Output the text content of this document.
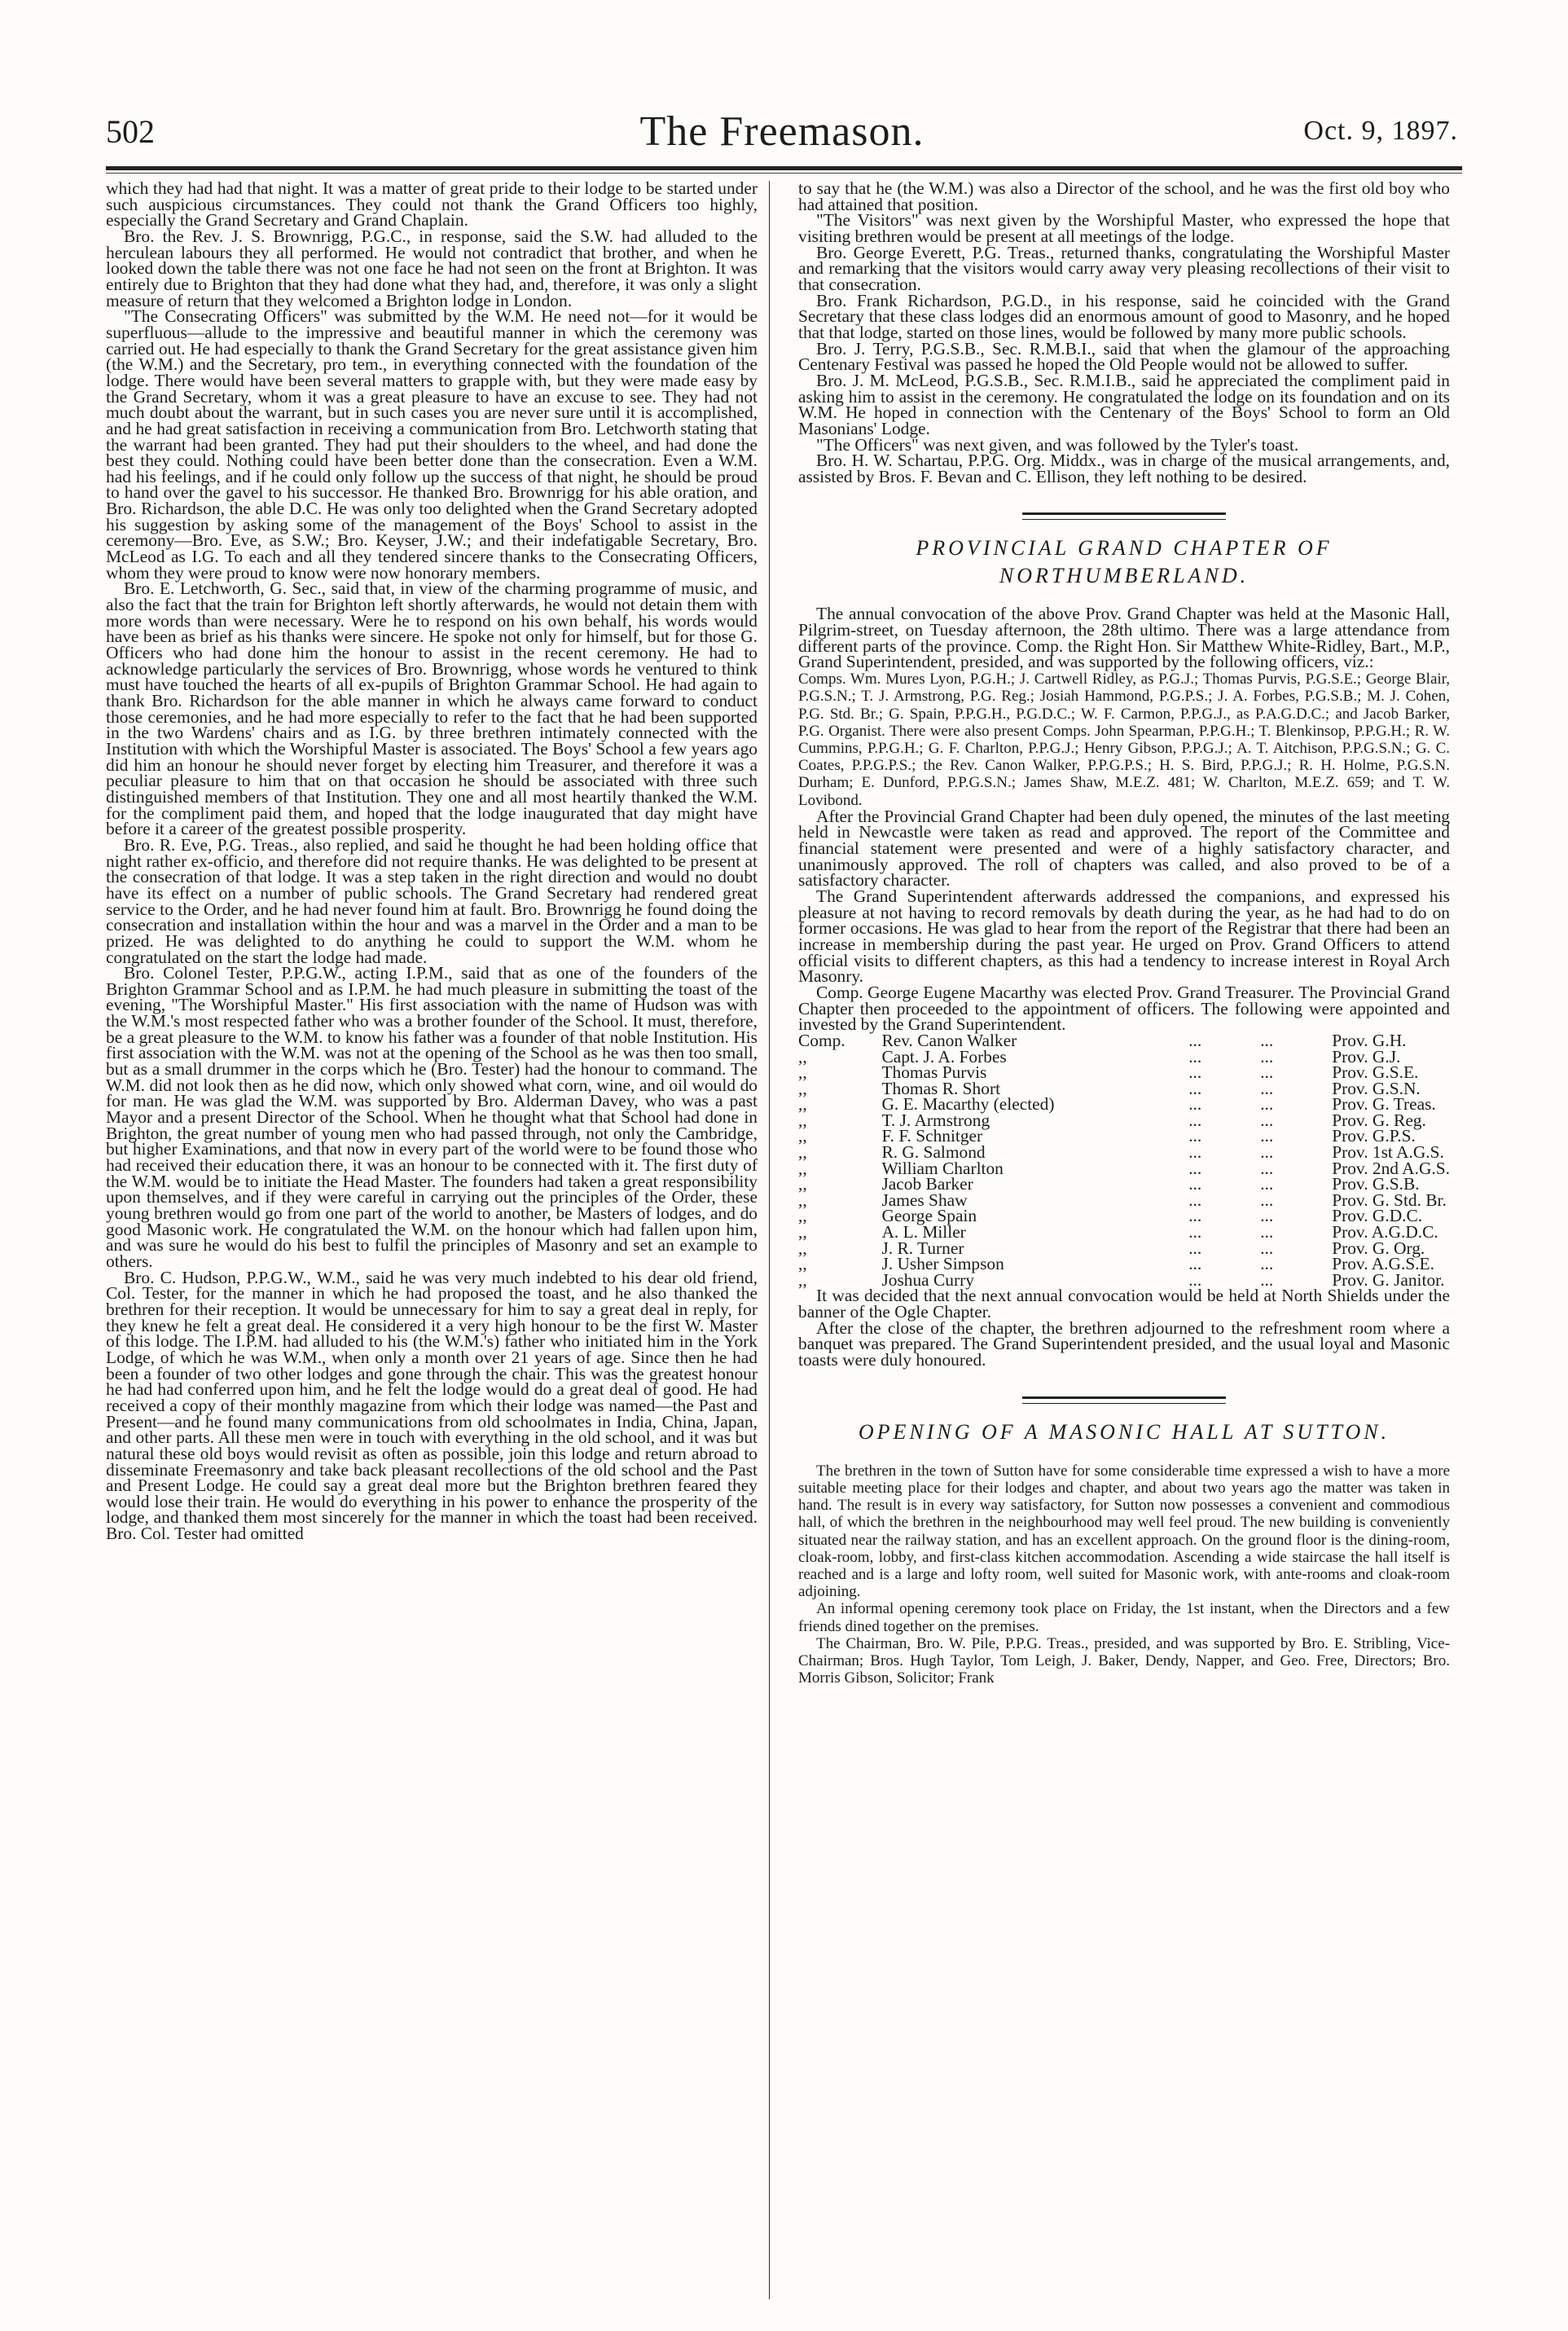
502	The Freemason.	Oct. 9, 1897.

which they had had that night. It was a matter of great pride to their lodge to be started under such auspicious circumstances. They could not thank the Grand Officers too highly, especially the Grand Secretary and Grand Chaplain.

Bro. the Rev. J. S. Brownrigg, P.G.C., in response, said the S.W. had alluded to the herculean labours they all performed. He would not contradict that brother, and when he looked down the table there was not one face he had not seen on the front at Brighton. It was entirely due to Brighton that they had done what they had, and, therefore, it was only a slight measure of return that they welcomed a Brighton lodge in London.

"The Consecrating Officers" was submitted by the W.M. He need not—for it would be superfluous—allude to the impressive and beautiful manner in which the ceremony was carried out. He had especially to thank the Grand Secretary for the great assistance given him (the W.M.) and the Secretary, pro tem., in everything connected with the foundation of the lodge. There would have been several matters to grapple with, but they were made easy by the Grand Secretary, whom it was a great pleasure to have an excuse to see. They had not much doubt about the warrant, but in such cases you are never sure until it is accomplished, and he had great satisfaction in receiving a communication from Bro. Letchworth stating that the warrant had been granted. They had put their shoulders to the wheel, and had done the best they could. Nothing could have been better done than the consecration. Even a W.M. had his feelings, and if he could only follow up the success of that night, he should be proud to hand over the gavel to his successor. He thanked Bro. Brownrigg for his able oration, and Bro. Richardson, the able D.C. He was only too delighted when the Grand Secretary adopted his suggestion by asking some of the management of the Boys' School to assist in the ceremony—Bro. Eve, as S.W.; Bro. Keyser, J.W.; and their indefatigable Secretary, Bro. McLeod as I.G. To each and all they tendered sincere thanks to the Consecrating Officers, whom they were proud to know were now honorary members.

Bro. E. Letchworth, G. Sec., said that, in view of the charming programme of music, and also the fact that the train for Brighton left shortly afterwards, he would not detain them with more words than were necessary. Were he to respond on his own behalf, his words would have been as brief as his thanks were sincere. He spoke not only for himself, but for those G. Officers who had done him the honour to assist in the recent ceremony. He had to acknowledge particularly the services of Bro. Brownrigg, whose words he ventured to think must have touched the hearts of all ex-pupils of Brighton Grammar School. He had again to thank Bro. Richardson for the able manner in which he always came forward to conduct those ceremonies, and he had more especially to refer to the fact that he had been supported in the two Wardens' chairs and as I.G. by three brethren intimately connected with the Institution with which the Worshipful Master is associated. The Boys' School a few years ago did him an honour he should never forget by electing him Treasurer, and therefore it was a peculiar pleasure to him that on that occasion he should be associated with three such distinguished members of that Institution. They one and all most heartily thanked the W.M. for the compliment paid them, and hoped that the lodge inaugurated that day might have before it a career of the greatest possible prosperity.

Bro. R. Eve, P.G. Treas., also replied, and said he thought he had been holding office that night rather ex-officio, and therefore did not require thanks. He was delighted to be present at the consecration of that lodge. It was a step taken in the right direction and would no doubt have its effect on a number of public schools. The Grand Secretary had rendered great service to the Order, and he had never found him at fault. Bro. Brownrigg he found doing the consecration and installation within the hour and was a marvel in the Order and a man to be prized. He was delighted to do anything he could to support the W.M. whom he congratulated on the start the lodge had made.

Bro. Colonel Tester, P.P.G.W., acting I.P.M., said that as one of the founders of the Brighton Grammar School and as I.P.M. he had much pleasure in submitting the toast of the evening, "The Worshipful Master." His first association with the name of Hudson was with the W.M.'s most respected father who was a brother founder of the School. It must, therefore, be a great pleasure to the W.M. to know his father was a founder of that noble Institution. His first association with the W.M. was not at the opening of the School as he was then too small, but as a small drummer in the corps which he (Bro. Tester) had the honour to command. The W.M. did not look then as he did now, which only showed what corn, wine, and oil would do for man. He was glad the W.M. was supported by Bro. Alderman Davey, who was a past Mayor and a present Director of the School. When he thought what that School had done in Brighton, the great number of young men who had passed through, not only the Cambridge, but higher Examinations, and that now in every part of the world were to be found those who had received their education there, it was an honour to be connected with it. The first duty of the W.M. would be to initiate the Head Master. The founders had taken a great responsibility upon themselves, and if they were careful in carrying out the principles of the Order, these young brethren would go from one part of the world to another, be Masters of lodges, and do good Masonic work. He congratulated the W.M. on the honour which had fallen upon him, and was sure he would do his best to fulfil the principles of Masonry and set an example to others.

Bro. C. Hudson, P.P.G.W., W.M., said he was very much indebted to his dear old friend, Col. Tester, for the manner in which he had proposed the toast, and he also thanked the brethren for their reception. It would be unnecessary for him to say a great deal in reply, for they knew he felt a great deal. He considered it a very high honour to be the first W. Master of this lodge. The I.P.M. had alluded to his (the W.M.'s) father who initiated him in the York Lodge, of which he was W.M., when only a month over 21 years of age. Since then he had been a founder of two other lodges and gone through the chair. This was the greatest honour he had had conferred upon him, and he felt the lodge would do a great deal of good. He had received a copy of their monthly magazine from which their lodge was named—the Past and Present—and he found many communications from old schoolmates in India, China, Japan, and other parts. All these men were in touch with everything in the old school, and it was but natural these old boys would revisit as often as possible, join this lodge and return abroad to disseminate Freemasonry and take back pleasant recollections of the old school and the Past and Present Lodge. He could say a great deal more but the Brighton brethren feared they would lose their train. He would do everything in his power to enhance the prosperity of the lodge, and thanked them most sincerely for the manner in which the toast had been received. Bro. Col. Tester had omitted

to say that he (the W.M.) was also a Director of the school, and he was the first old boy who had attained that position.

"The Visitors" was next given by the Worshipful Master, who expressed the hope that visiting brethren would be present at all meetings of the lodge.

Bro. George Everett, P.G. Treas., returned thanks, congratulating the Worshipful Master and remarking that the visitors would carry away very pleasing recollections of their visit to that consecration.

Bro. Frank Richardson, P.G.D., in his response, said he coincided with the Grand Secretary that these class lodges did an enormous amount of good to Masonry, and he hoped that that lodge, started on those lines, would be followed by many more public schools.

Bro. J. Terry, P.G.S.B., Sec. R.M.B.I., said that when the glamour of the approaching Centenary Festival was passed he hoped the Old People would not be allowed to suffer.

Bro. J. M. McLeod, P.G.S.B., Sec. R.M.I.B., said he appreciated the compliment paid in asking him to assist in the ceremony. He congratulated the lodge on its foundation and on its W.M. He hoped in connection with the Centenary of the Boys' School to form an Old Masonians' Lodge.

"The Officers" was next given, and was followed by the Tyler's toast.

Bro. H. W. Schartau, P.P.G. Org. Middx., was in charge of the musical arrangements, and, assisted by Bros. F. Bevan and C. Ellison, they left nothing to be desired.

PROVINCIAL GRAND CHAPTER OF
NORTHUMBERLAND.

The annual convocation of the above Prov. Grand Chapter was held at the Masonic Hall, Pilgrim-street, on Tuesday afternoon, the 28th ultimo. There was a large attendance from different parts of the province. Comp. the Right Hon. Sir Matthew White-Ridley, Bart., M.P., Grand Superintendent, presided, and was supported by the following officers, viz.:

Comps. Wm. Mures Lyon, P.G.H.; J. Cartwell Ridley, as P.G.J.; Thomas Purvis, P.G.S.E.; George Blair, P.G.S.N.; T. J. Armstrong, P.G. Reg.; Josiah Hammond, P.G.P.S.; J. A. Forbes, P.G.S.B.; M. J. Cohen, P.G. Std. Br.; G. Spain, P.P.G.H., P.G.D.C.; W. F. Carmon, P.P.G.J., as P.A.G.D.C.; and Jacob Barker, P.G. Organist. There were also present Comps. John Spearman, P.P.G.H.; T. Blenkinsop, P.P.G.H.; R. W. Cummins, P.P.G.H.; G. F. Charlton, P.P.G.J.; Henry Gibson, P.P.G.J.; A. T. Aitchison, P.P.G.S.N.; G. C. Coates, P.P.G.P.S.; the Rev. Canon Walker, P.P.G.P.S.; H. S. Bird, P.P.G.J.; R. H. Holme, P.G.S.N. Durham; E. Dunford, P.P.G.S.N.; James Shaw, M.E.Z. 481; W. Charlton, M.E.Z. 659; and T. W. Lovibond.

After the Provincial Grand Chapter had been duly opened, the minutes of the last meeting held in Newcastle were taken as read and approved. The report of the Committee and financial statement were presented and were of a highly satisfactory character, and unanimously approved. The roll of chapters was called, and also proved to be of a satisfactory character.

The Grand Superintendent afterwards addressed the companions, and expressed his pleasure at not having to record removals by death during the year, as he had had to do on former occasions. He was glad to hear from the report of the Registrar that there had been an increase in membership during the past year. He urged on Prov. Grand Officers to attend official visits to different chapters, as this had a tendency to increase interest in Royal Arch Masonry.

Comp. George Eugene Macarthy was elected Prov. Grand Treasurer. The Provincial Grand Chapter then proceeded to the appointment of officers. The following were appointed and invested by the Grand Superintendent.

Comp.	Rev. Canon Walker	...	...	Prov. G.H.
,,	Capt. J. A. Forbes	...	...	Prov. G.J.
,,	Thomas Purvis	...	...	Prov. G.S.E.
,,	Thomas R. Short	...	...	Prov. G.S.N.
,,	G. E. Macarthy (elected)	...	...	Prov. G. Treas.
,,	T. J. Armstrong	...	...	Prov. G. Reg.
,,	F. F. Schnitger	...	...	Prov. G.P.S.
,,	R. G. Salmond	...	...	Prov. 1st A.G.S.
,,	William Charlton	...	...	Prov. 2nd A.G.S.
,,	Jacob Barker	...	...	Prov. G.S.B.
,,	James Shaw	...	...	Prov. G. Std. Br.
,,	George Spain	...	...	Prov. G.D.C.
,,	A. L. Miller	...	...	Prov. A.G.D.C.
,,	J. R. Turner	...	...	Prov. G. Org.
,,	J. Usher Simpson	...	...	Prov. A.G.S.E.
,,	Joshua Curry	...	...	Prov. G. Janitor.

It was decided that the next annual convocation would be held at North Shields under the banner of the Ogle Chapter.

After the close of the chapter, the brethren adjourned to the refreshment room where a banquet was prepared. The Grand Superintendent presided, and the usual loyal and Masonic toasts were duly honoured.

OPENING OF A MASONIC HALL AT SUTTON.

The brethren in the town of Sutton have for some considerable time expressed a wish to have a more suitable meeting place for their lodges and chapter, and about two years ago the matter was taken in hand. The result is in every way satisfactory, for Sutton now possesses a convenient and commodious hall, of which the brethren in the neighbourhood may well feel proud. The new building is conveniently situated near the railway station, and has an excellent approach. On the ground floor is the dining-room, cloak-room, lobby, and first-class kitchen accommodation. Ascending a wide staircase the hall itself is reached and is a large and lofty room, well suited for Masonic work, with ante-rooms and cloak-room adjoining.

An informal opening ceremony took place on Friday, the 1st instant, when the Directors and a few friends dined together on the premises.

The Chairman, Bro. W. Pile, P.P.G. Treas., presided, and was supported by Bro. E. Stribling, Vice-Chairman; Bros. Hugh Taylor, Tom Leigh, J. Baker, Dendy, Napper, and Geo. Free, Directors; Bro. Morris Gibson, Solicitor; Frank
